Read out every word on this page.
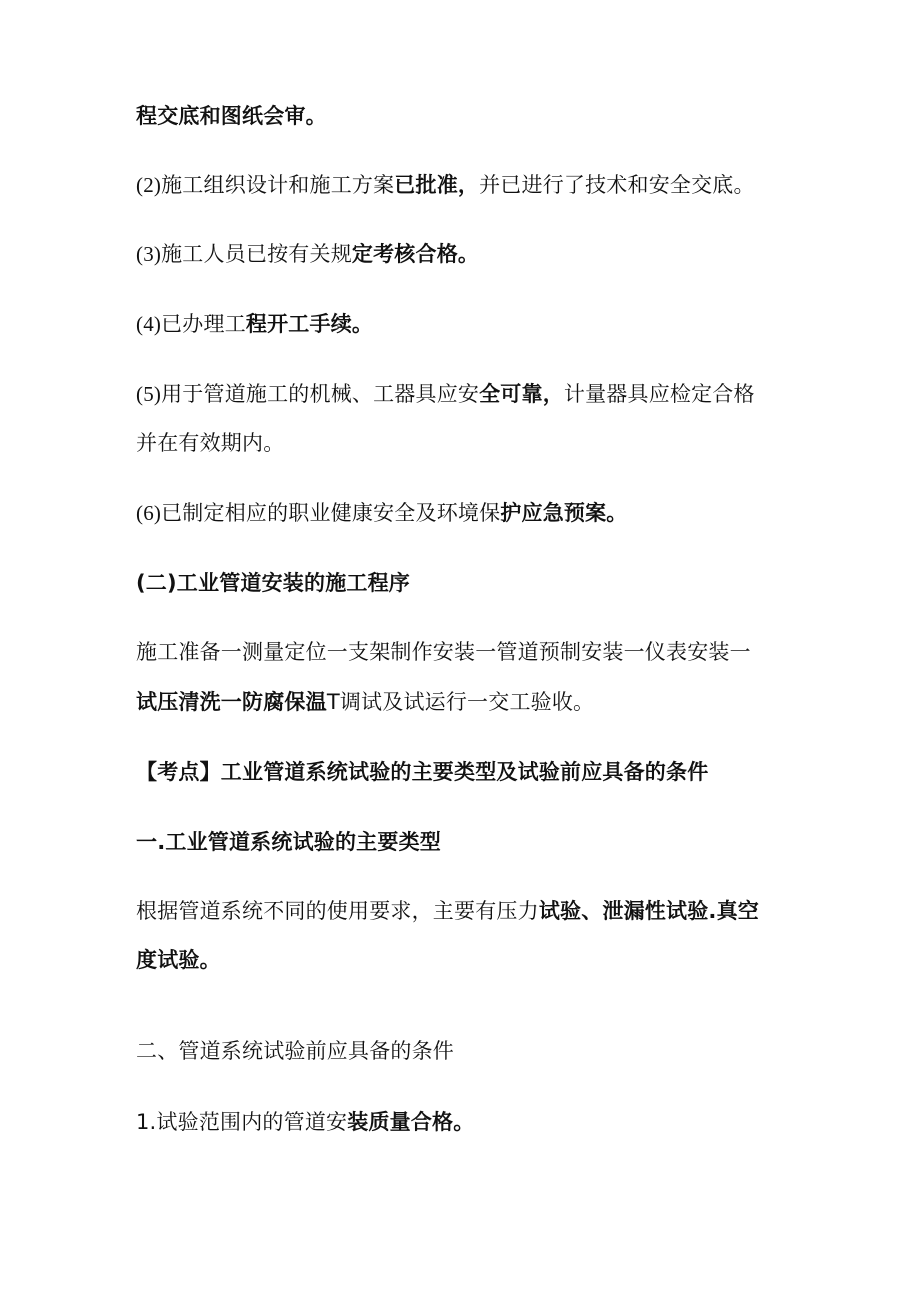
程交底和图纸会审。
(2)施工组织设计和施工方案已批准，并已进行了技术和安全交底。
(3)施工人员已按有关规定考核合格。
(4)已办理工程开工手续。
(5)用于管道施工的机械、工器具应安全可靠，计量器具应检定合格
并在有效期内。
(6)已制定相应的职业健康安全及环境保护应急预案。
(二)工业管道安装的施工程序
施工准备一测量定位一支架制作安装一管道预制安装一仪表安装一
试压清洗一防腐保温T调试及试运行一交工验收。
【考点】工业管道系统试验的主要类型及试验前应具备的条件
一.工业管道系统试验的主要类型
根据管道系统不同的使用要求，主要有压力试验、泄漏性试验.真空
度试验。
二、管道系统试验前应具备的条件
1.试验范围内的管道安装质量合格。
